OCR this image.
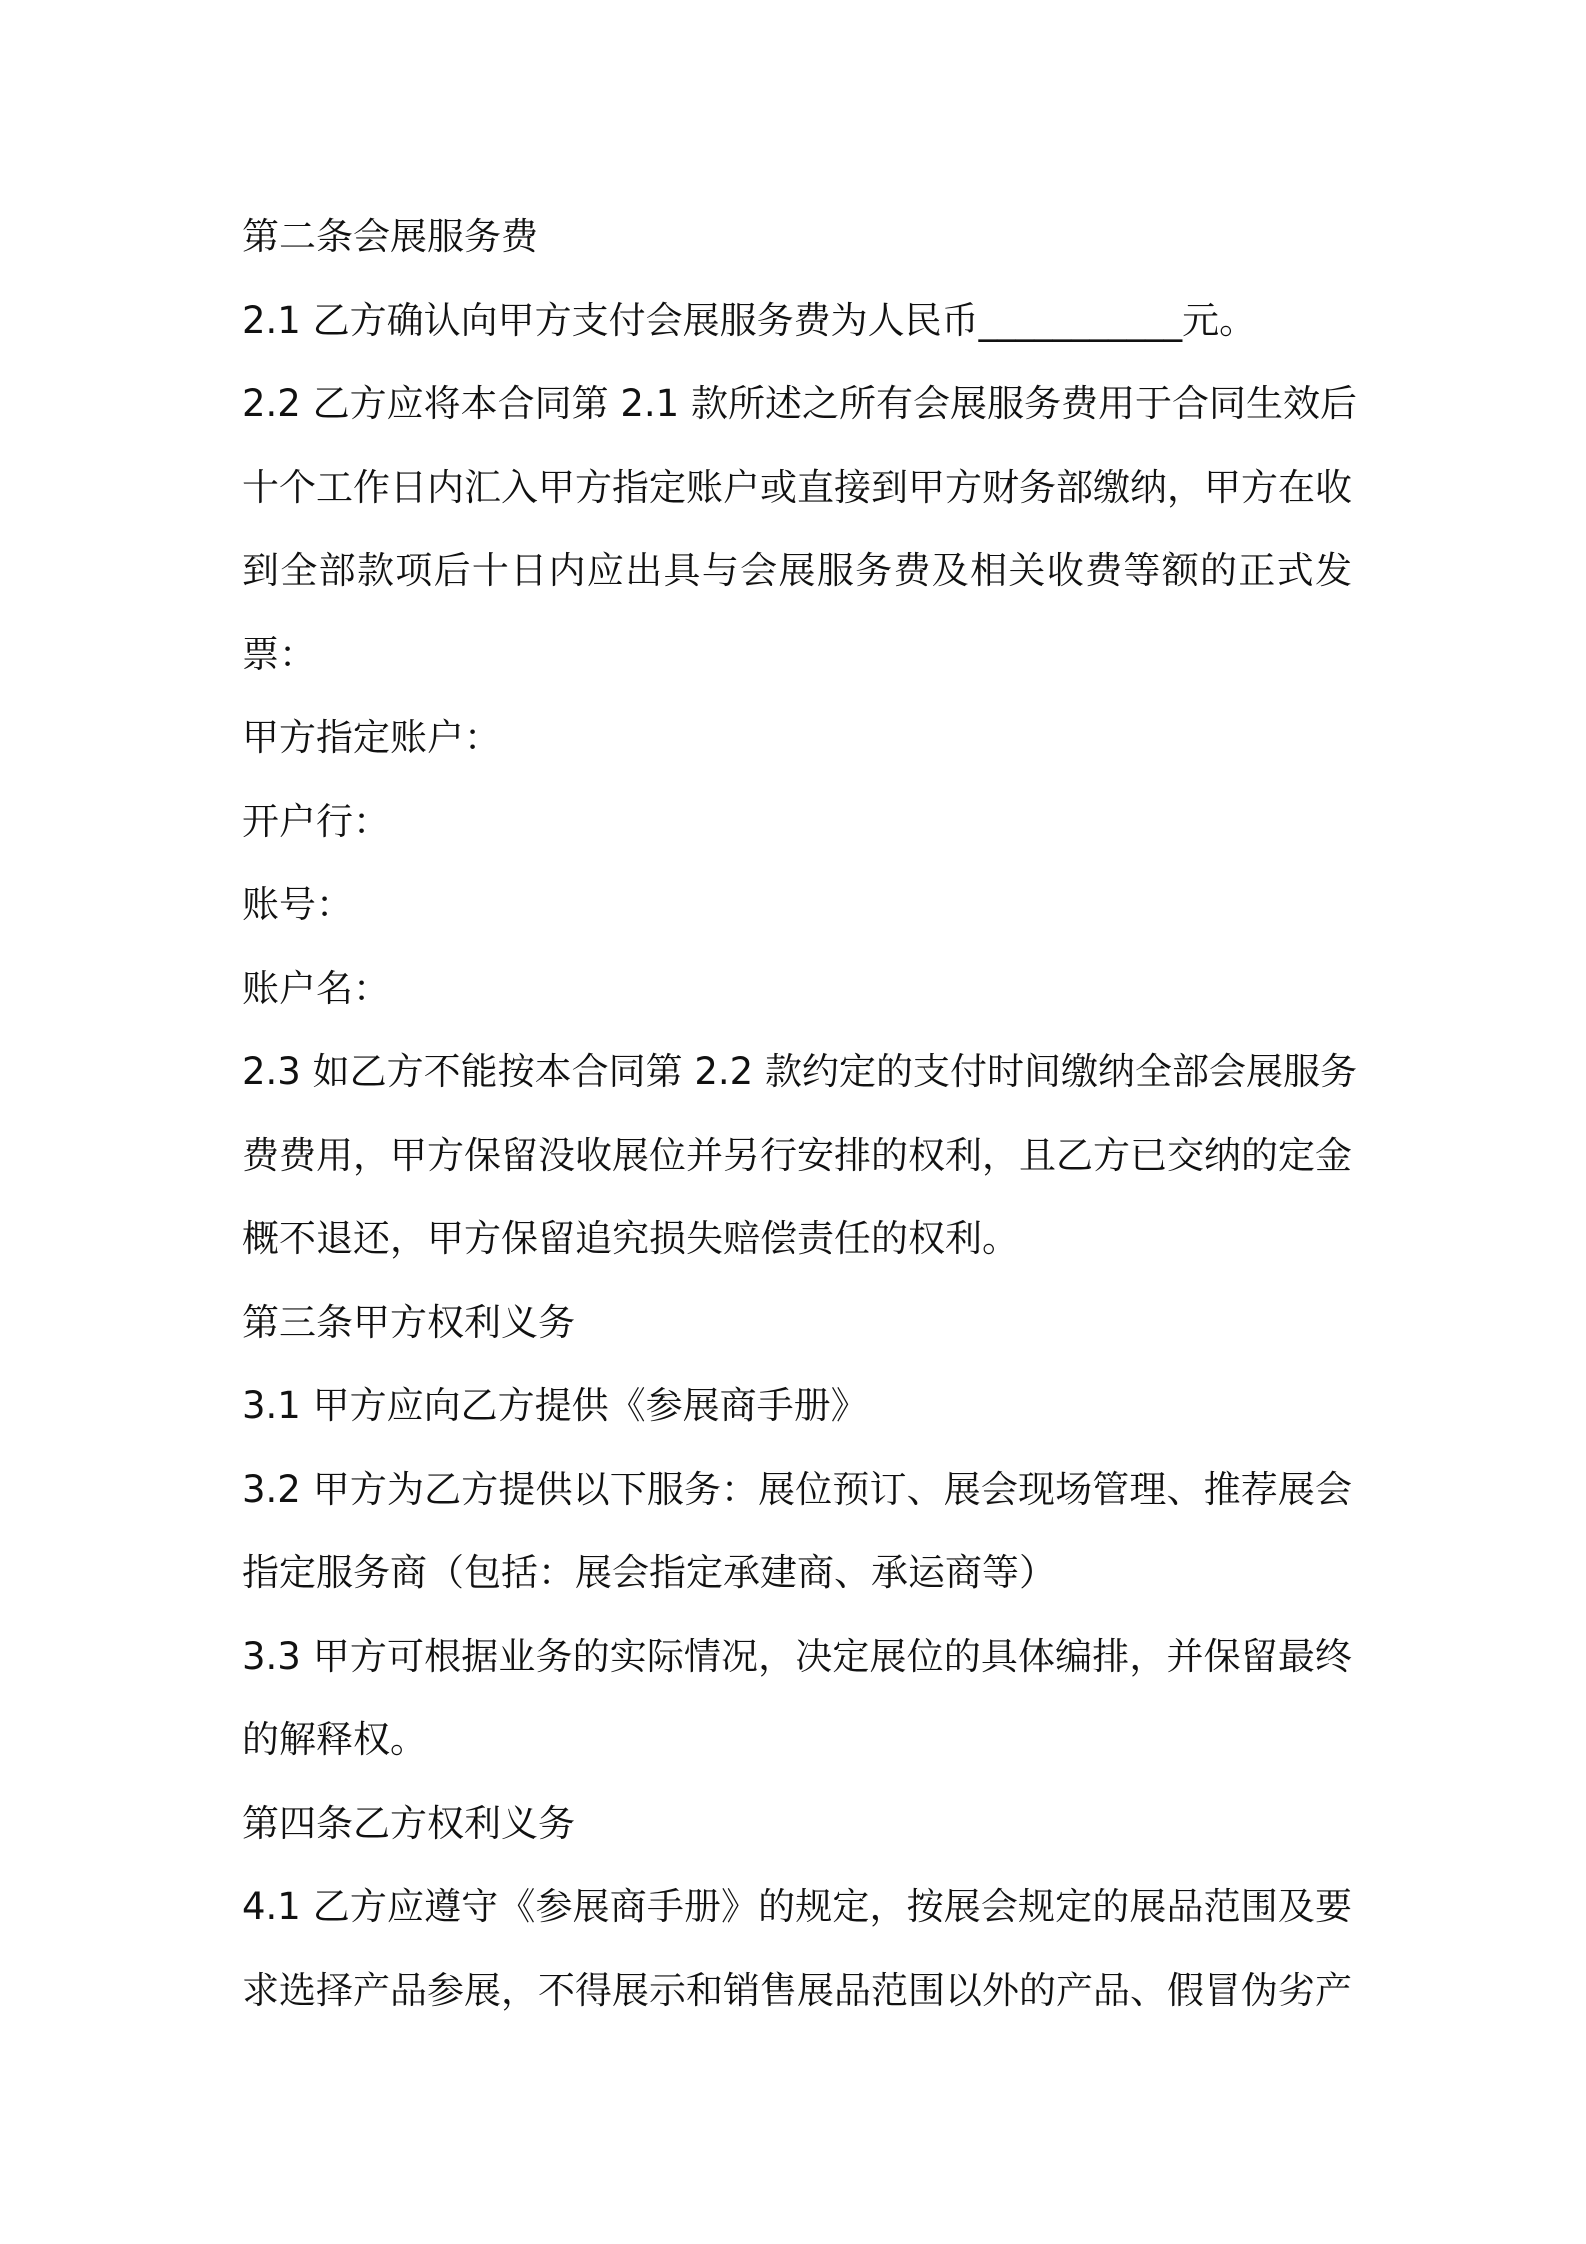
第二条会展服务费
2.1 乙方确认向甲方支付会展服务费为人民币___________元。
2.2 乙方应将本合同第 2.1 款所述之所有会展服务费用于合同生效后
十个工作日内汇入甲方指定账户或直接到甲方财务部缴纳，甲方在收
到全部款项后十日内应出具与会展服务费及相关收费等额的正式发
票：
甲方指定账户：
开户行：
账号：
账户名：
2.3 如乙方不能按本合同第 2.2 款约定的支付时间缴纳全部会展服务
费费用，甲方保留没收展位并另行安排的权利，且乙方已交纳的定金
概不退还，甲方保留追究损失赔偿责任的权利。
第三条甲方权利义务
3.1 甲方应向乙方提供《参展商手册》
3.2 甲方为乙方提供以下服务：展位预订、展会现场管理、推荐展会
指定服务商（包括：展会指定承建商、承运商等）
3.3 甲方可根据业务的实际情况，决定展位的具体编排，并保留最终
的解释权。
第四条乙方权利义务
4.1 乙方应遵守《参展商手册》的规定，按展会规定的展品范围及要
求选择产品参展，不得展示和销售展品范围以外的产品、假冒伪劣产
